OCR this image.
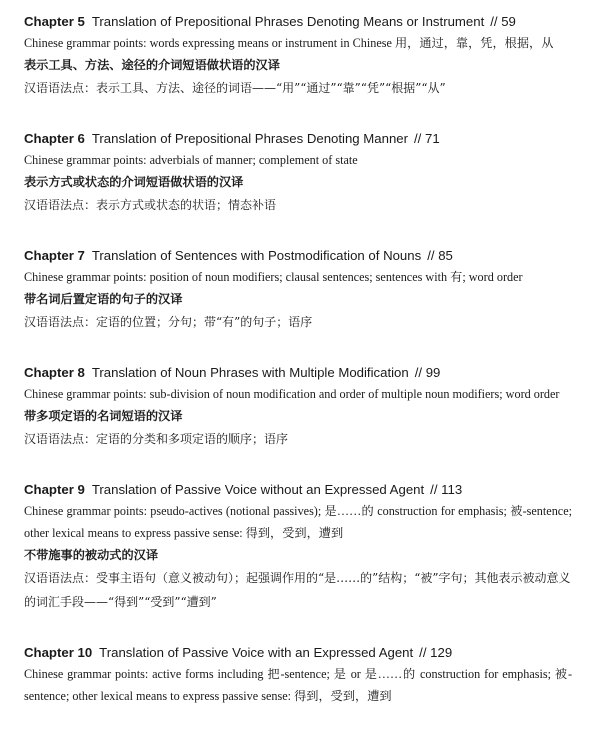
Chapter 5 Translation of Prepositional Phrases Denoting Means or Instrument // 59
Chinese grammar points: words expressing means or instrument in Chinese 用，通过，靠，凭，根据，从
表示工具、方法、途径的介词短语做状语的汉译
汉语语法点：表示工具、方法、途径的词语——“用”“通过”“靠”“凭”“根据”“从”
Chapter 6 Translation of Prepositional Phrases Denoting Manner // 71
Chinese grammar points: adverbials of manner; complement of state
表示方式或状态的介词短语做状语的汉译
汉语语法点：表示方式或状态的状语；情态补语
Chapter 7 Translation of Sentences with Postmodification of Nouns // 85
Chinese grammar points: position of noun modifiers; clausal sentences; sentences with 有; word order
带名词后置定语的句子的汉译
汉语语法点：定语的位置；分句；带“有”的句子；语序
Chapter 8 Translation of Noun Phrases with Multiple Modification // 99
Chinese grammar points: sub-division of noun modification and order of multiple noun modifiers; word order
带多项定语的名词短语的汉译
汉语语法点：定语的分类和多项定语的顺序；语序
Chapter 9 Translation of Passive Voice without an Expressed Agent // 113
Chinese grammar points: pseudo-actives (notional passives); 是……的 construction for emphasis; 被-sentence; other lexical means to express passive sense: 得到，受到，遭到
不带施事的被动式的汉译
汉语语法点：受事主语句（意义被动句）；起强调作用的“是……的”结构；“被”字句；其他表示被动意义的词汇手段——“得到”“受到”“遭到”
Chapter 10 Translation of Passive Voice with an Expressed Agent // 129
Chinese grammar points: active forms including 把-sentence; 是 or 是……的 construction for emphasis; 被-sentence; other lexical means to express passive sense: 得到，受到，遭到
